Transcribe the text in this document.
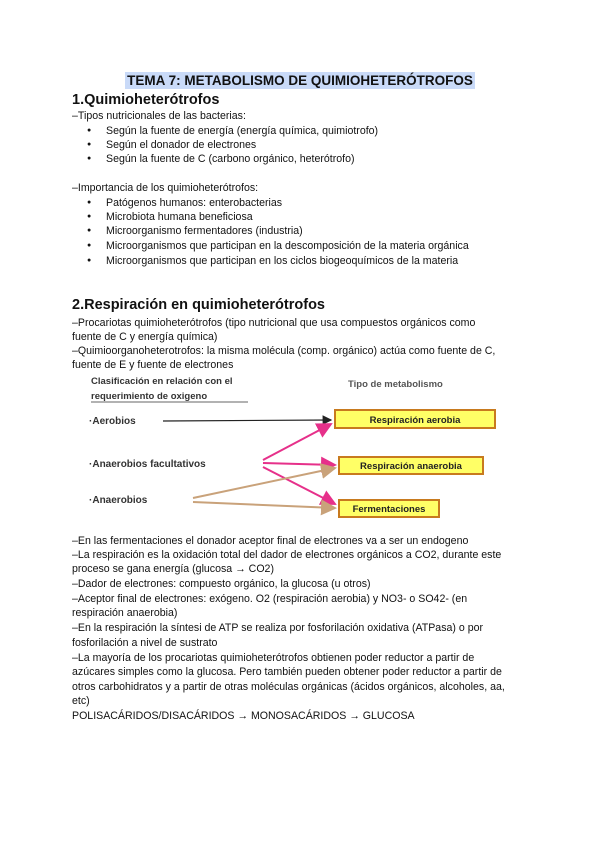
TEMA 7: METABOLISMO DE QUIMIOHETERÓTROFOS
1.Quimioheterótrofos
–Tipos nutricionales de las bacterias:
Según la fuente de energía (energía química, quimiotrofo)
Según el donador de electrones
Según la fuente de C (carbono orgánico, heterótrofo)
–Importancia de los quimioheterótrofos:
Patógenos humanos: enterobacterias
Microbiota humana beneficiosa
Microorganismo fermentadores (industria)
Microorganismos que participan en la descomposición de la materia orgánica
Microorganismos que participan en los ciclos biogeoquímicos de la materia
2.Respiración en quimioheterótrofos
–Procariotas quimioheterótrofos (tipo nutricional que usa compuestos orgánicos como
fuente de C y energía química)
–Quimioorganoheterotrofos: la misma molécula (comp. orgánico) actúa como fuente de C,
fuente de E y fuente de electrones
Clasificación en relación con el
requerimiento de oxigeno
Tipo de metabolismo
·Aerobios
·Anaerobios facultativos
·Anaerobios
Respiración aerobia
Respiración anaerobia
Fermentaciones
–En las fermentaciones el donador aceptor final de electrones va a ser un endogeno
–La respiración es la oxidación total del dador de electrones orgánicos a CO2, durante este
proceso se gana energía (glucosa → CO2)
–Dador de electrones: compuesto orgánico, la glucosa (u otros)
–Aceptor final de electrones: exógeno. O2 (respiración aerobia) y NO3- o SO42- (en
respiración anaerobia)
–En la respiración la síntesi de ATP se realiza por fosforilación oxidativa (ATPasa) o por
fosforilación a nivel de sustrato
–La mayoría de los procariotas quimioheterótrofos obtienen poder reductor a partir de
azúcares simples como la glucosa. Pero también pueden obtener poder reductor a partir de
otros carbohidratos y a partir de otras moléculas orgánicas (ácidos orgánicos, alcoholes, aa,
etc)
POLISACÁRIDOS/DISACÁRIDOS → MONOSACÁRIDOS → GLUCOSA
